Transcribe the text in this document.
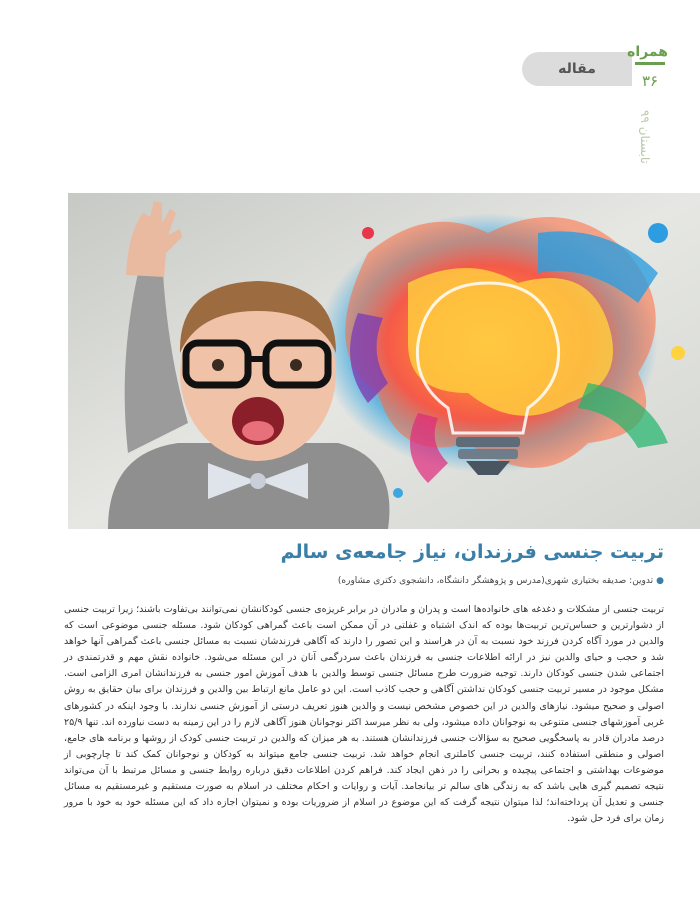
مقاله
همراه
۳۶
تابستان ۹۹
تربیت جنسی فرزندان، نیاز جامعه‌ی سالم
●تدوین: صدیقه بختیاری شهری(مدرس و پژوهشگر دانشگاه، دانشجوی دکتری مشاوره)

تربیت جنسی از مشکلات و دغدغه های خانواده‌ها است و پدران و مادران در برابر غریزه‌ی جنسی کودکانشان نمی‌توانند بی‌تفاوت باشند؛ زیرا تربیت جنسی از دشوارترین و حساس‌ترین تربیت‌ها بوده که اندک اشتباه و غفلتی در آن ممکن است باعث گمراهی کودکان شود. مسئله جنسی موضوعی است که والدین در مورد آگاه کردن فرزند خود نسبت به آن در هراسند و این تصور را دارند که آگاهی فرزندشان نسبت به مسائل جنسی باعث گمراهی آنها خواهد شد و حجب و حیای والدین نیز در ارائه اطلاعات جنسی به فرزندان باعث سردرگمی آنان در این مسئله می‌شود. خانواده نقش مهم و قدرتمندی در اجتماعی شدن جنسی کودکان دارند. توجیه ضرورت طرح مسائل جنسی توسط والدین با هدف آموزش امور جنسی به فرزندانشان امری الزامی است. مشکل موجود در مسیر تربیت جنسی کودکان نداشتن آگاهی و حجب کاذب است. این دو عامل مانع ارتباط بین والدین و فرزندان برای بیان حقایق به روش اصولی و صحیح میشود. نیازهای والدین در این خصوص مشخص نیست و والدین هنوز تعریف درستی از آموزش جنسی ندارند. با وجود اینکه در کشورهای غربی آموزشهای جنسی متنوعی به نوجوانان داده میشود، ولی به نظر میرسد اکثر نوجوانان هنوز آگاهی لازم را در این زمینه به دست نیاورده اند. تنها ۲۵/۹ درصد مادران قادر به پاسخگویی صحیح به سؤالات جنسی فرزندانشان هستند. به هر میزان که والدین در تربیت جنسی کودک از روشها و برنامه های جامع، اصولی و منطقی استفاده کنند، تربیت جنسی کاملتری انجام خواهد شد. تربیت جنسی جامع میتواند به کودکان و نوجوانان کمک کند تا چارچوبی از موضوعات بهداشتی و اجتماعی پیچیده و بحرانی را در ذهن ایجاد کند. فراهم کردن اطلاعات دقیق درباره روابط جنسی و مسائل مرتبط با آن می‌تواند نتیجه تصمیم گیری هایی باشد که به زندگی های سالم تر بیانجامد. آیات و روایات و احکام مختلف در اسلام به صورت مستقیم و غیرمستقیم به مسائل جنسی و تعدیل آن پرداخته‌اند؛ لذا میتوان نتیجه گرفت که این موضوع در اسلام از ضروریات بوده و نمیتوان اجازه داد که این مسئله خود به خود با مرور زمان برای فرد حل شود.
